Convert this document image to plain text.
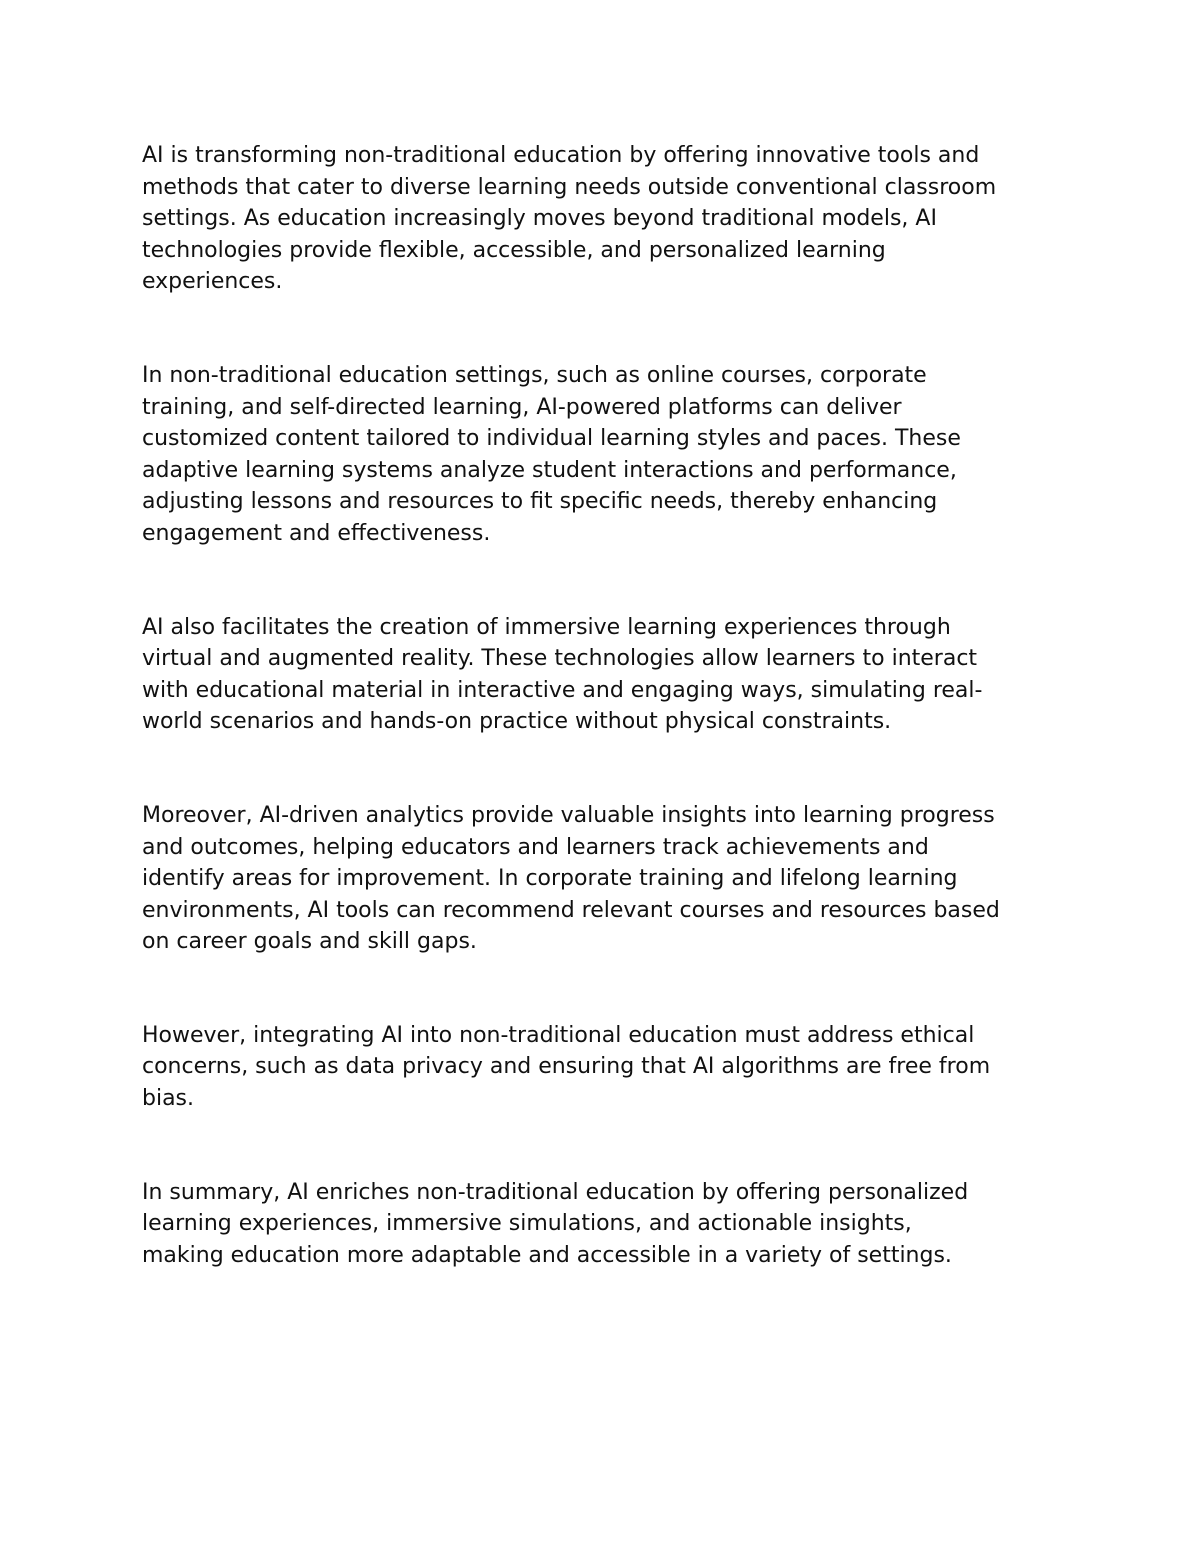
AI is transforming non-traditional education by offering innovative tools and
methods that cater to diverse learning needs outside conventional classroom
settings. As education increasingly moves beyond traditional models, AI
technologies provide flexible, accessible, and personalized learning
experiences.

In non-traditional education settings, such as online courses, corporate
training, and self-directed learning, AI-powered platforms can deliver
customized content tailored to individual learning styles and paces. These
adaptive learning systems analyze student interactions and performance,
adjusting lessons and resources to fit specific needs, thereby enhancing
engagement and effectiveness.

AI also facilitates the creation of immersive learning experiences through
virtual and augmented reality. These technologies allow learners to interact
with educational material in interactive and engaging ways, simulating real-
world scenarios and hands-on practice without physical constraints.

Moreover, AI-driven analytics provide valuable insights into learning progress
and outcomes, helping educators and learners track achievements and
identify areas for improvement. In corporate training and lifelong learning
environments, AI tools can recommend relevant courses and resources based
on career goals and skill gaps.

However, integrating AI into non-traditional education must address ethical
concerns, such as data privacy and ensuring that AI algorithms are free from
bias.

In summary, AI enriches non-traditional education by offering personalized
learning experiences, immersive simulations, and actionable insights,
making education more adaptable and accessible in a variety of settings.
